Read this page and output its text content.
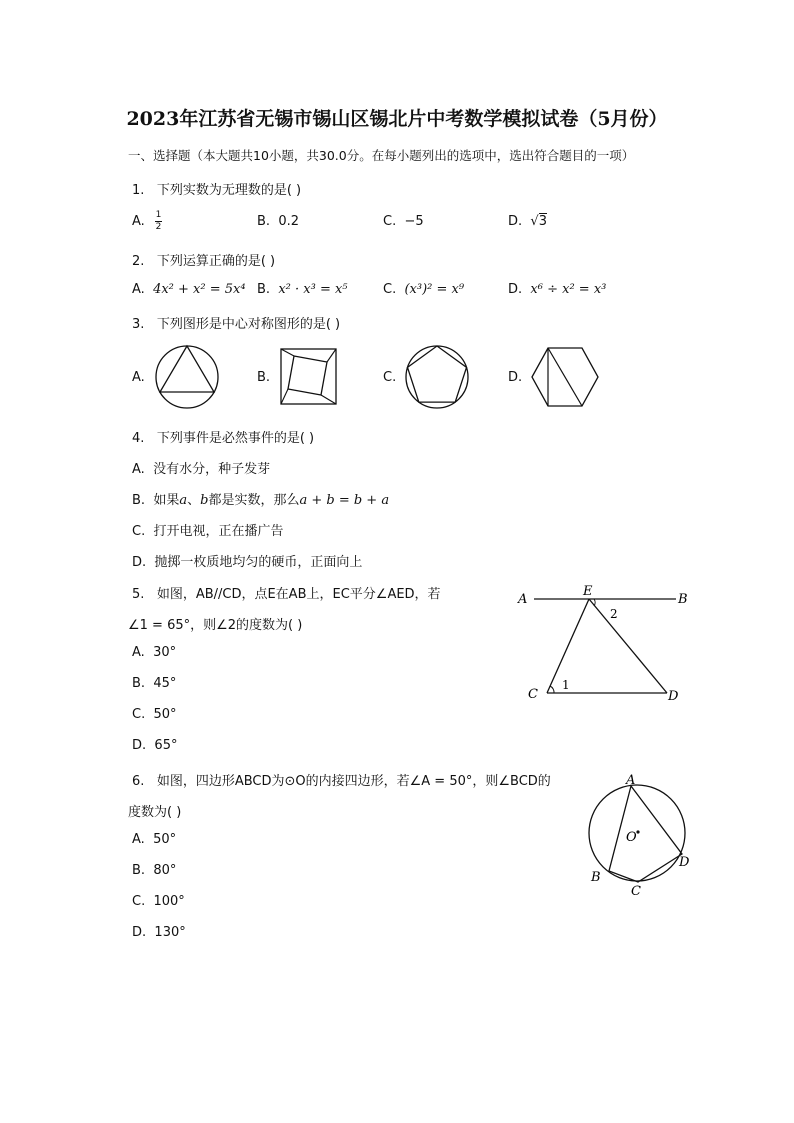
2023年江苏省无锡市锡山区锡北片中考数学模拟试卷（5月份）
一、选择题（本大题共10小题，共30.0分。在每小题列出的选项中，选出符合题目的一项）
1. 下列实数为无理数的是( )
A. $\frac{1}{2}$	B. 0.2	C. −5	D. √3
2. 下列运算正确的是( )
A. 4x² + x² = 5x⁴ B. x² · x³ = x⁵	C. (x³)² = x⁹	D. x⁶ ÷ x² = x³
3. 下列图形是中心对称图形的是( )
A.	B.	C.	D.
4. 下列事件是必然事件的是( )
A. 没有水分，种子发芽
B. 如果a、b都是实数，那么a + b = b + a
C. 打开电视，正在播广告
D. 抛掷一枚质地均匀的硬币，正面向上
5. 如图，AB//CD，点E在AB上，EC平分∠AED，若
∠1 = 65°，则∠2的度数为( )
A. 30°
B. 45°
C. 50°
D. 65°
A
E
B
C	D
1
2
6. 如图，四边形ABCD为⊙O的内接四边形，若∠A = 50°，则∠BCD的
度数为( )
A. 50°
B. 80°
C. 100°
D. 130°
A
O
B
C
D
